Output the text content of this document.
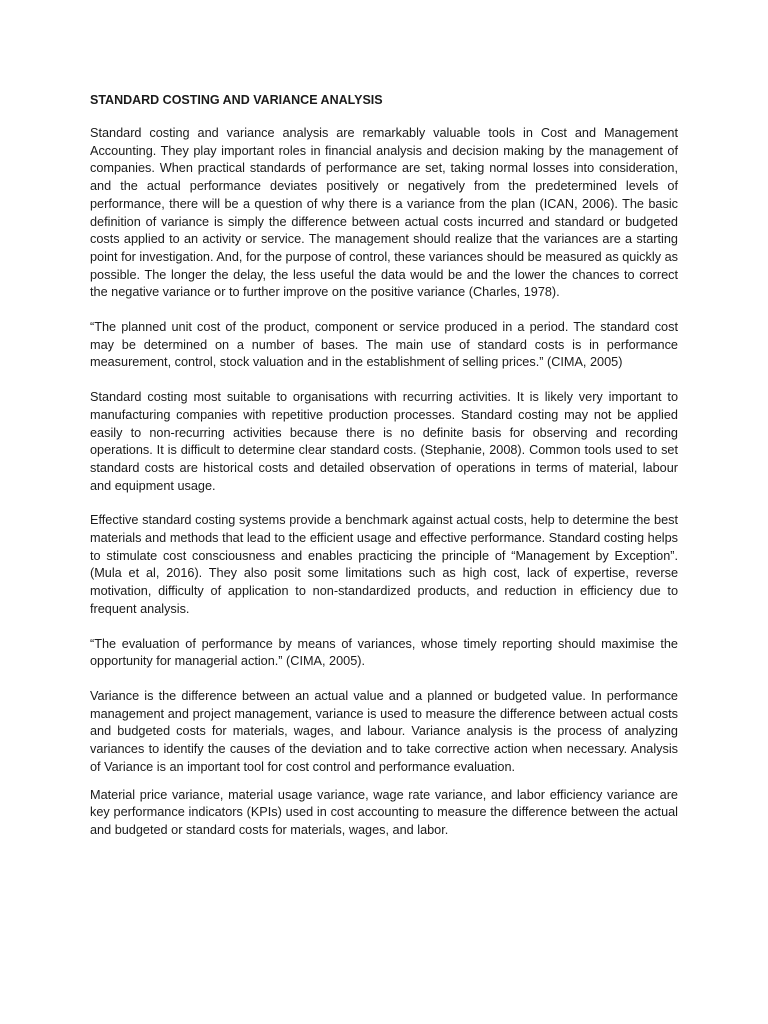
STANDARD COSTING AND VARIANCE ANALYSIS

Standard costing and variance analysis are remarkably valuable tools in Cost and Management Accounting. They play important roles in financial analysis and decision making by the management of companies. When practical standards of performance are set, taking normal losses into consideration, and the actual performance deviates positively or negatively from the predetermined levels of performance, there will be a question of why there is a variance from the plan (ICAN, 2006). The basic definition of variance is simply the difference between actual costs incurred and standard or budgeted costs applied to an activity or service. The management should realize that the variances are a starting point for investigation. And, for the purpose of control, these variances should be measured as quickly as possible. The longer the delay, the less useful the data would be and the lower the chances to correct the negative variance or to further improve on the positive variance (Charles, 1978).

“The planned unit cost of the product, component or service produced in a period. The standard cost may be determined on a number of bases. The main use of standard costs is in performance measurement, control, stock valuation and in the establishment of selling prices.” (CIMA, 2005)

Standard costing most suitable to organisations with recurring activities. It is likely very important to manufacturing companies with repetitive production processes. Standard costing may not be applied easily to non-recurring activities because there is no definite basis for observing and recording operations. It is difficult to determine clear standard costs. (Stephanie, 2008). Common tools used to set standard costs are historical costs and detailed observation of operations in terms of material, labour and equipment usage.

Effective standard costing systems provide a benchmark against actual costs, help to determine the best materials and methods that lead to the efficient usage and effective performance. Standard costing helps to stimulate cost consciousness and enables practicing the principle of “Management by Exception”. (Mula et al, 2016). They also posit some limitations such as high cost, lack of expertise, reverse motivation, difficulty of application to non-standardized products, and reduction in efficiency due to frequent analysis.

“The evaluation of performance by means of variances, whose timely reporting should maximise the opportunity for managerial action.” (CIMA, 2005).

Variance is the difference between an actual value and a planned or budgeted value. In performance management and project management, variance is used to measure the difference between actual costs and budgeted costs for materials, wages, and labour. Variance analysis is the process of analyzing variances to identify the causes of the deviation and to take corrective action when necessary. Analysis of Variance is an important tool for cost control and performance evaluation.

Material price variance, material usage variance, wage rate variance, and labor efficiency variance are key performance indicators (KPIs) used in cost accounting to measure the difference between the actual and budgeted or standard costs for materials, wages, and labor.
